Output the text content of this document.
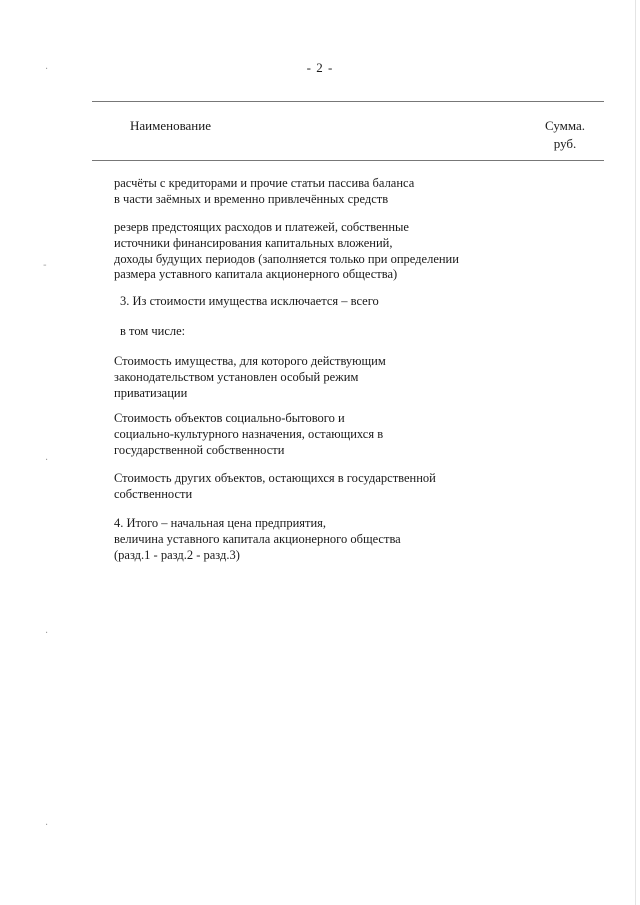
- 2 -
Наименование	Сумма.
руб.
расчёты с кредиторами и прочие статьи пассива баланса
в части заёмных и временно привлечённых средств
резерв предстоящих расходов и платежей, собственные
источники финансирования капитальных вложений,
доходы будущих периодов (заполняется только при определении
размера уставного капитала акционерного общества)
3. Из стоимости имущества исключается – всего
в том числе:
Стоимость имущества, для которого действующим
законодательством установлен особый режим
приватизации
Стоимость объектов социально-бытового и
социально-культурного назначения, остающихся в
государственной собственности
Стоимость других объектов, остающихся в государственной
собственности
4. Итого – начальная цена предприятия,
величина уставного капитала акционерного общества
(разд.1 - разд.2 - разд.3)
·
-
·
·
·
